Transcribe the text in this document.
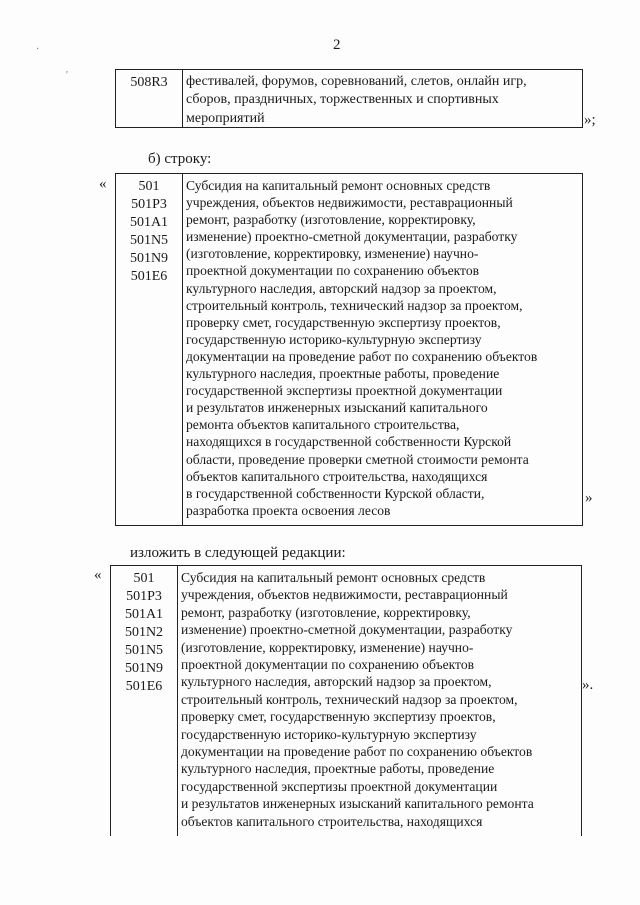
2
·
'	508R3	фестивалей, форумов, соревнований, слетов, онлайн игр,
сборов, праздничных, торжественных и спортивных
мероприятий	»;
б) строку:
«	501
501Р3
501А1
501N5
501N9
501Е6
Субсидия на капитальный ремонт основных средств
учреждения, объектов недвижимости, реставрационный
ремонт, разработку (изготовление, корректировку,
изменение) проектно-сметной документации, разработку
(изготовление, корректировку, изменение) научно-
проектной документации по сохранению объектов
культурного наследия, авторский надзор за проектом,
строительный контроль, технический надзор за проектом,
проверку смет, государственную экспертизу проектов,
государственную историко-культурную экспертизу
документации на проведение работ по сохранению объектов
культурного наследия, проектные работы, проведение
государственной экспертизы проектной документации
и результатов инженерных изысканий капитального
ремонта объектов капитального строительства,
находящихся в государственной собственности Курской
области, проведение проверки сметной стоимости ремонта
объектов капитального строительства, находящихся
в государственной собственности Курской области,
разработка проекта освоения лесов
»
изложить в следующей редакции:
«	501
501Р3
501А1
501N2
501N5
501N9
501Е6
Субсидия на капитальный ремонт основных средств
учреждения, объектов недвижимости, реставрационный
ремонт, разработку (изготовление, корректировку,
изменение) проектно-сметной документации, разработку
(изготовление, корректировку, изменение) научно-
проектной документации по сохранению объектов
культурного наследия, авторский надзор за проектом,
строительный контроль, технический надзор за проектом,
проверку смет, государственную экспертизу проектов,
государственную историко-культурную экспертизу
документации на проведение работ по сохранению объектов
культурного наследия, проектные работы, проведение
государственной экспертизы проектной документации
и результатов инженерных изысканий капитального ремонта
объектов капитального строительства, находящихся
».
